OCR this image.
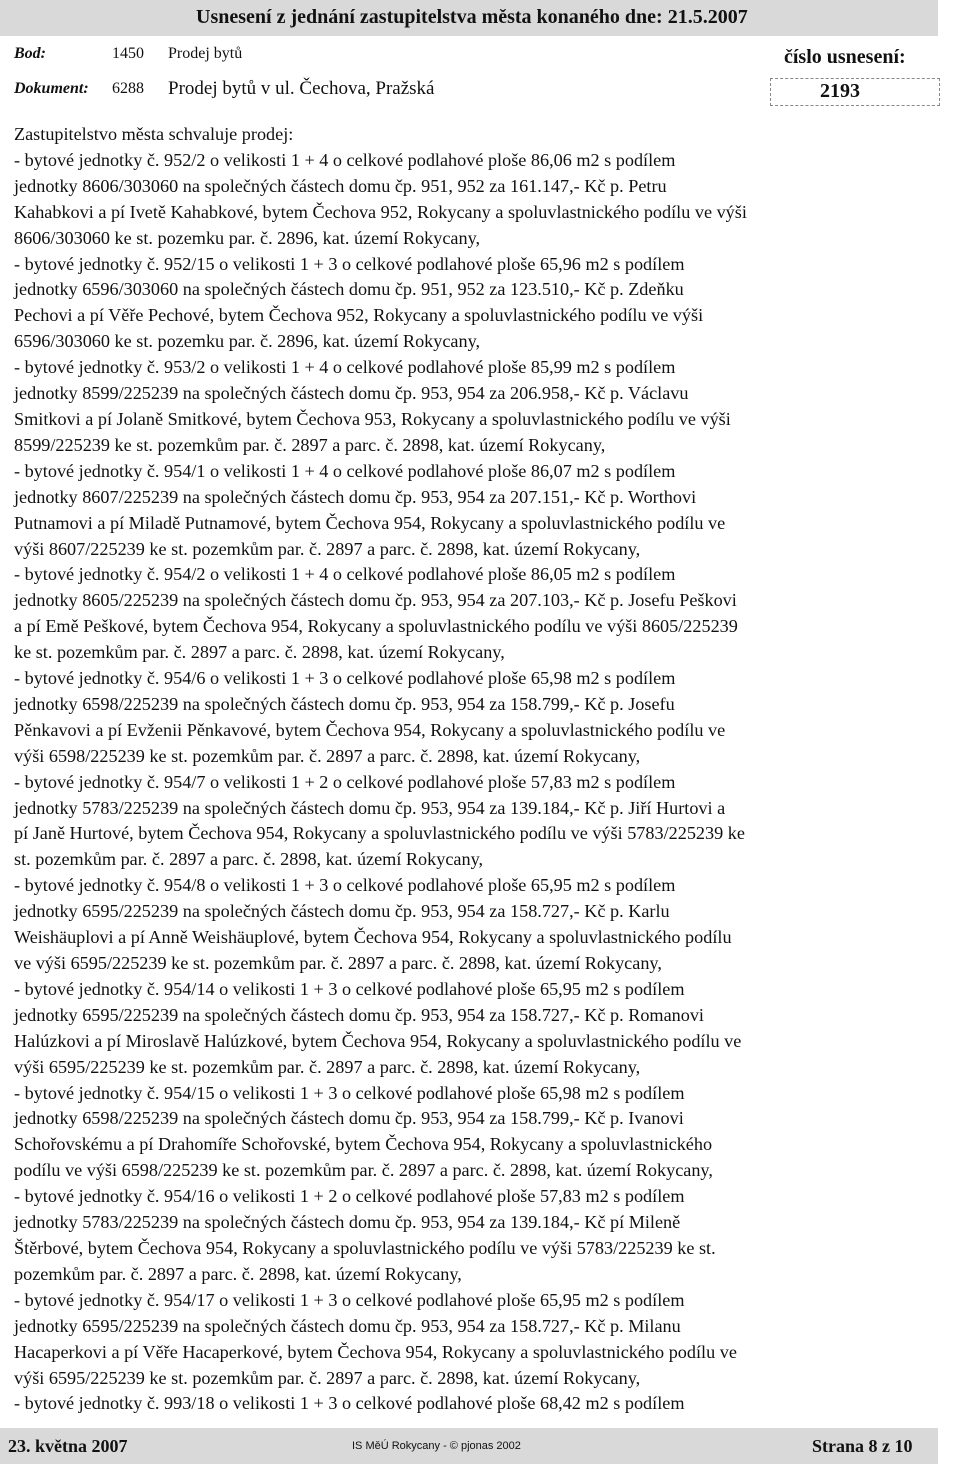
Usnesení z jednání zastupitelstva města konaného dne: 21.5.2007
Bod:	1450 Prodej bytů
Dokument: 6288 Prodej bytů v ul. Čechova, Pražská
číslo usnesení:
2193

Zastupitelstvo města schvaluje prodej:

- bytové jednotky č. 952/2 o velikosti 1 + 4 o celkové podlahové ploše 86,06 m2 s podílem

jednotky 8606/303060 na společných částech domu čp. 951, 952 za 161.147,- Kč p. Petru

Kahabkovi a pí Ivetě Kahabkové, bytem Čechova 952, Rokycany a spoluvlastnického podílu ve výši

8606/303060 ke st. pozemku par. č. 2896, kat. území Rokycany,

- bytové jednotky č. 952/15 o velikosti 1 + 3 o celkové podlahové ploše 65,96 m2 s podílem

jednotky 6596/303060 na společných částech domu čp. 951, 952 za 123.510,- Kč p. Zdeňku

Pechovi a pí Věře Pechové, bytem Čechova 952, Rokycany a spoluvlastnického podílu ve výši

6596/303060 ke st. pozemku par. č. 2896, kat. území Rokycany,

- bytové jednotky č. 953/2 o velikosti 1 + 4 o celkové podlahové ploše 85,99 m2 s podílem

jednotky 8599/225239 na společných částech domu čp. 953, 954 za 206.958,- Kč p. Václavu

Smitkovi a pí Jolaně Smitkové, bytem Čechova 953, Rokycany a spoluvlastnického podílu ve výši

8599/225239 ke st. pozemkům par. č. 2897 a parc. č. 2898, kat. území Rokycany,

- bytové jednotky č. 954/1 o velikosti 1 + 4 o celkové podlahové ploše 86,07 m2 s podílem

jednotky 8607/225239 na společných částech domu čp. 953, 954 za 207.151,- Kč p. Worthovi

Putnamovi a pí Miladě Putnamové, bytem Čechova 954, Rokycany a spoluvlastnického podílu ve

výši 8607/225239 ke st. pozemkům par. č. 2897 a parc. č. 2898, kat. území Rokycany,

- bytové jednotky č. 954/2 o velikosti 1 + 4 o celkové podlahové ploše 86,05 m2 s podílem

jednotky 8605/225239 na společných částech domu čp. 953, 954 za 207.103,- Kč p. Josefu Peškovi

a pí Emě Peškové, bytem Čechova 954, Rokycany a spoluvlastnického podílu ve výši 8605/225239

ke st. pozemkům par. č. 2897 a parc. č. 2898, kat. území Rokycany,

- bytové jednotky č. 954/6 o velikosti 1 + 3 o celkové podlahové ploše 65,98 m2 s podílem

jednotky 6598/225239 na společných částech domu čp. 953, 954 za 158.799,- Kč p. Josefu

Pěnkavovi a pí Evženii Pěnkavové, bytem Čechova 954, Rokycany a spoluvlastnického podílu ve

výši 6598/225239 ke st. pozemkům par. č. 2897 a parc. č. 2898, kat. území Rokycany,

- bytové jednotky č. 954/7 o velikosti 1 + 2 o celkové podlahové ploše 57,83 m2 s podílem

jednotky 5783/225239 na společných částech domu čp. 953, 954 za 139.184,- Kč p. Jiří Hurtovi a

pí Janě Hurtové, bytem Čechova 954, Rokycany a spoluvlastnického podílu ve výši 5783/225239 ke

st. pozemkům par. č. 2897 a parc. č. 2898, kat. území Rokycany,

- bytové jednotky č. 954/8 o velikosti 1 + 3 o celkové podlahové ploše 65,95 m2 s podílem

jednotky 6595/225239 na společných částech domu čp. 953, 954 za 158.727,- Kč p. Karlu

Weishäuplovi a pí Anně Weishäuplové, bytem Čechova 954, Rokycany a spoluvlastnického podílu

ve výši 6595/225239 ke st. pozemkům par. č. 2897 a parc. č. 2898, kat. území Rokycany,

- bytové jednotky č. 954/14 o velikosti 1 + 3 o celkové podlahové ploše 65,95 m2 s podílem

jednotky 6595/225239 na společných částech domu čp. 953, 954 za 158.727,- Kč p. Romanovi

Halúzkovi a pí Miroslavě Halúzkové, bytem Čechova 954, Rokycany a spoluvlastnického podílu ve

výši 6595/225239 ke st. pozemkům par. č. 2897 a parc. č. 2898, kat. území Rokycany,

- bytové jednotky č. 954/15 o velikosti 1 + 3 o celkové podlahové ploše 65,98 m2 s podílem

jednotky 6598/225239 na společných částech domu čp. 953, 954 za 158.799,- Kč p. Ivanovi

Schořovskému a pí Drahomíře Schořovské, bytem Čechova 954, Rokycany a spoluvlastnického

podílu ve výši 6598/225239 ke st. pozemkům par. č. 2897 a parc. č. 2898, kat. území Rokycany,

- bytové jednotky č. 954/16 o velikosti 1 + 2 o celkové podlahové ploše 57,83 m2 s podílem

jednotky 5783/225239 na společných částech domu čp. 953, 954 za 139.184,- Kč pí Mileně

Štěrbové, bytem Čechova 954, Rokycany a spoluvlastnického podílu ve výši 5783/225239 ke st.

pozemkům par. č. 2897 a parc. č. 2898, kat. území Rokycany,

- bytové jednotky č. 954/17 o velikosti 1 + 3 o celkové podlahové ploše 65,95 m2 s podílem

jednotky 6595/225239 na společných částech domu čp. 953, 954 za 158.727,- Kč p. Milanu

Hacaperkovi a pí Věře Hacaperkové, bytem Čechova 954, Rokycany a spoluvlastnického podílu ve

výši 6595/225239 ke st. pozemkům par. č. 2897 a parc. č. 2898, kat. území Rokycany,

- bytové jednotky č. 993/18 o velikosti 1 + 3 o celkové podlahové ploše 68,42 m2 s podílem

23. května 2007	IS MěÚ Rokycany - © pjonas 2002	Strana 8 z 10
